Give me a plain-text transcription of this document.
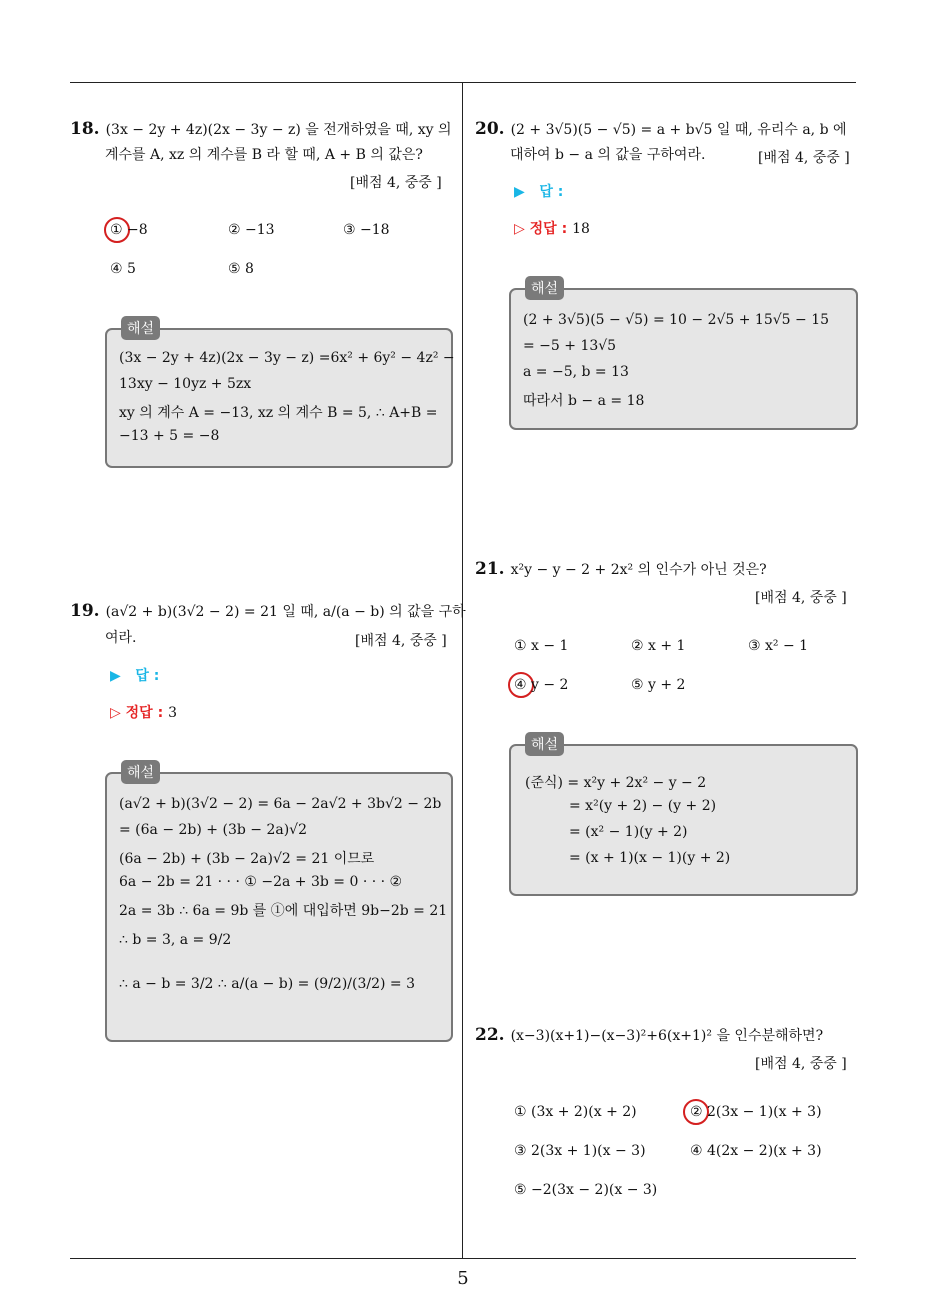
5
18. (3x − 2y + 4z)(2x − 3y − z) 을 전개하였을 때, xy 의
계수를 A, xz 의 계수를 B 라 할 때, A + B 의 값은?
[배점 4, 중중 ]
① −8	② −13	③ −18
④ 5	⑤ 8
해설
(3x − 2y + 4z)(2x − 3y − z) =6x² + 6y² − 4z² −
13xy − 10yz + 5zx
xy 의 계수 A = −13, xz 의 계수 B = 5, ∴ A+B =
−13 + 5 = −8
19. (a√2 + b)(3√2 − 2) = 21 일 때, a/(a − b) 의 값을 구하
여라.	[배점 4, 중중 ]
▶ 답 :
▷ 정답 : 3
해설
(a√2 + b)(3√2 − 2) = 6a − 2a√2 + 3b√2 − 2b
= (6a − 2b) + (3b − 2a)√2
(6a − 2b) + (3b − 2a)√2 = 21 이므로
6a − 2b = 21 · · · ① −2a + 3b = 0 · · · ②
2a = 3b ∴ 6a = 9b 를 ①에 대입하면 9b−2b = 21
∴ b = 3, a = 9/2
∴ a − b = 3/2 ∴ a/(a − b) = (9/2)/(3/2) = 3
20. (2 + 3√5)(5 − √5) = a + b√5 일 때, 유리수 a, b 에
대하여 b − a 의 값을 구하여라.	[배점 4, 중중 ]
▶ 답 :
▷ 정답 : 18
해설
(2 + 3√5)(5 − √5) = 10 − 2√5 + 15√5 − 15
= −5 + 13√5
a = −5, b = 13
따라서 b − a = 18
21. x²y − y − 2 + 2x² 의 인수가 아닌 것은?
[배점 4, 중중 ]
① x − 1	② x + 1	③ x² − 1
④ y − 2	⑤ y + 2
해설
(준식) = x²y + 2x² − y − 2
= x²(y + 2) − (y + 2)
= (x² − 1)(y + 2)
= (x + 1)(x − 1)(y + 2)
22. (x−3)(x+1)−(x−3)²+6(x+1)² 을 인수분해하면?
[배점 4, 중중 ]
① (3x + 2)(x + 2)	② 2(3x − 1)(x + 3)
③ 2(3x + 1)(x − 3)	④ 4(2x − 2)(x + 3)
⑤ −2(3x − 2)(x − 3)
